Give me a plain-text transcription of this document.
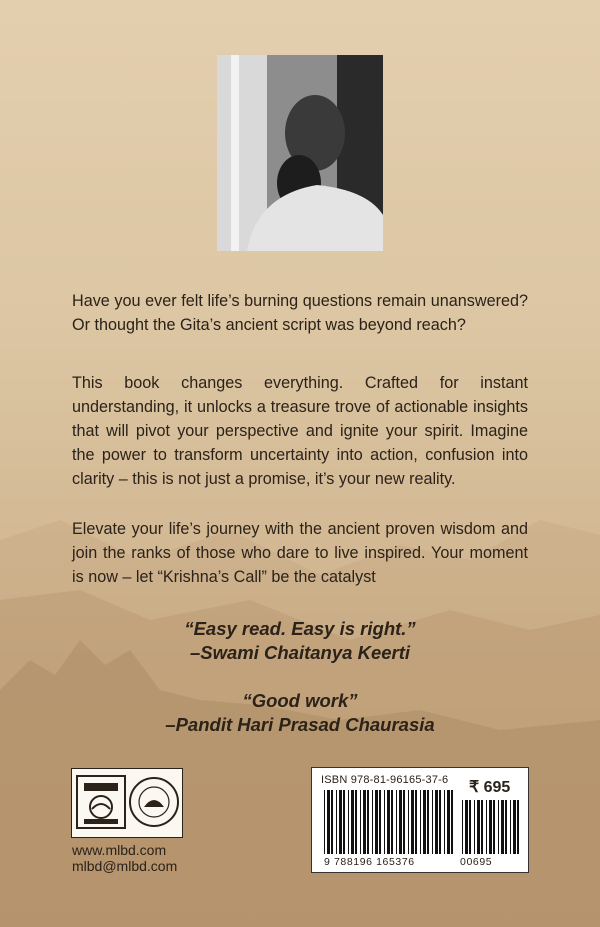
Have you ever felt life’s burning questions remain unanswered? Or thought the Gita’s ancient script was beyond reach?

This book changes everything. Crafted for instant understanding, it unlocks a treasure trove of actionable insights that will pivot your perspective and ignite your spirit. Imagine the power to transform uncertainty into action, confusion into clarity – this is not just a promise, it’s your new reality.

Elevate your life’s journey with the ancient proven wisdom and join the ranks of those who dare to live inspired. Your moment is now – let “Krishna’s Call” be the catalyst

“Easy read. Easy is right.”
–Swami Chaitanya Keerti
“Good work”
–Pandit Hari Prasad Chaurasia
www.mlbd.com
mlbd@mlbd.com
ISBN 978-81-96165-37-6 ₹ 695
9 788196 165376	00695
